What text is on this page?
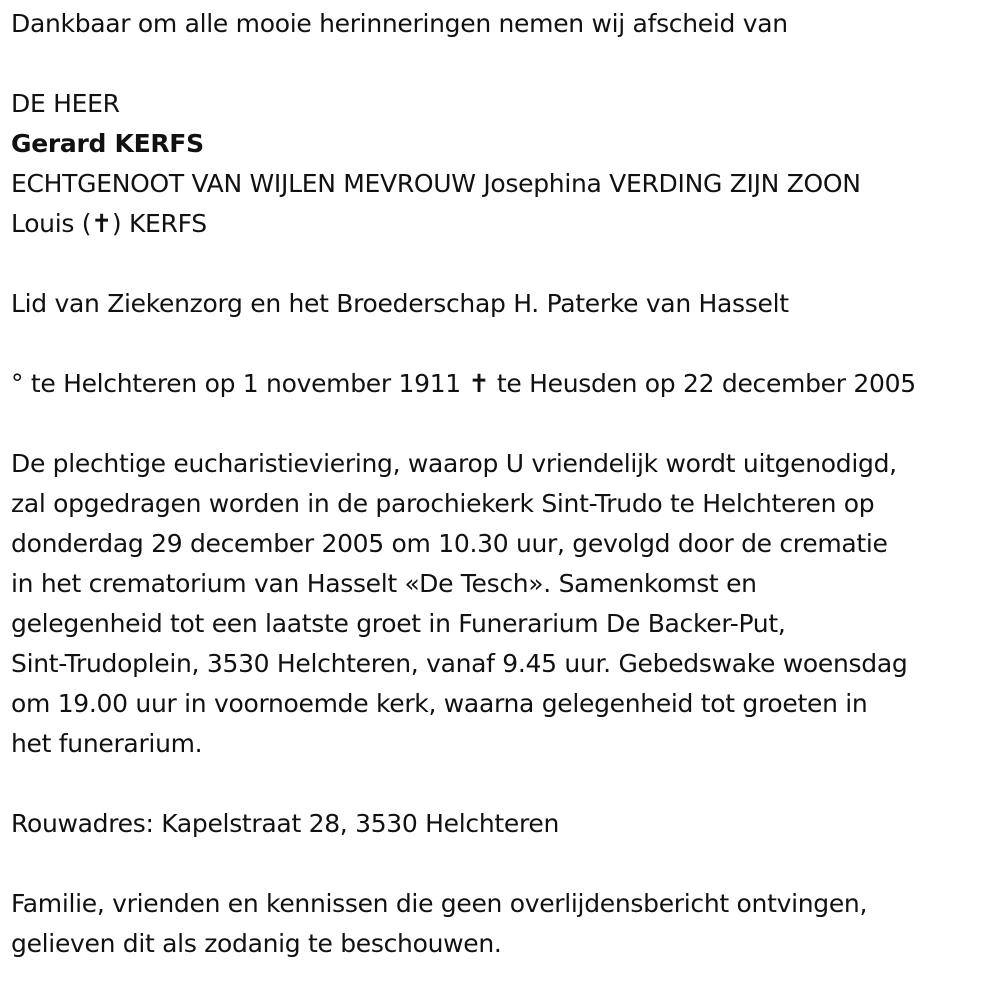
Dankbaar om alle mooie herinneringen nemen wij afscheid van
DE HEER
Gerard KERFS
ECHTGENOOT VAN WIJLEN MEVROUW Josephina VERDING ZIJN ZOON
Louis (✝) KERFS
Lid van Ziekenzorg en het Broederschap H. Paterke van Hasselt
° te Helchteren op 1 november 1911 ✝ te Heusden op 22 december 2005

De plechtige eucharistieviering, waarop U vriendelijk wordt uitgenodigd,

zal opgedragen worden in de parochiekerk Sint-Trudo te Helchteren op

donderdag 29 december 2005 om 10.30 uur, gevolgd door de crematie

in het crematorium van Hasselt «De Tesch». Samenkomst en

gelegenheid tot een laatste groet in Funerarium De Backer-Put,

Sint-Trudoplein, 3530 Helchteren, vanaf 9.45 uur. Gebedswake woensdag

om 19.00 uur in voornoemde kerk, waarna gelegenheid tot groeten in

het funerarium.

Rouwadres: Kapelstraat 28, 3530 Helchteren

Familie, vrienden en kennissen die geen overlijdensbericht ontvingen,

gelieven dit als zodanig te beschouwen.
